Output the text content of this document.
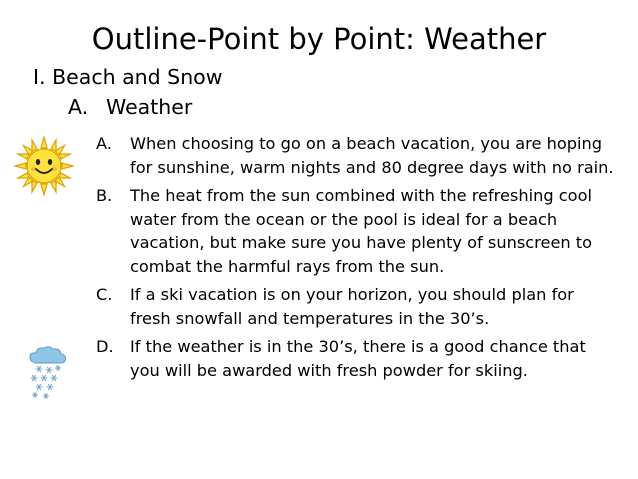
Outline-Point by Point: Weather
I. Beach and Snow
A. Weather
A.	When choosing to go on a beach vacation, you are hoping for sunshine, warm nights and 80 degree days with no rain.
B.	The heat from the sun combined with the refreshing cool water from the ocean or the pool is ideal for a beach vacation, but make sure you have plenty of sunscreen to combat the harmful rays from the sun.
C.	If a ski vacation is on your horizon, you should plan for fresh snowfall and temperatures in the 30’s.
D.	If the weather is in the 30’s, there is a good chance that you will be awarded with fresh powder for skiing.
